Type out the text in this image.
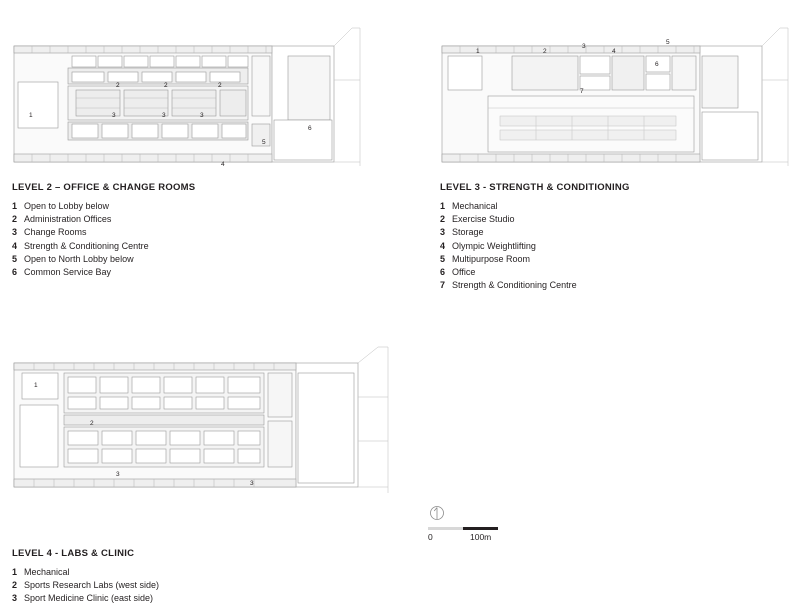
1
2	2	2
3	3	3
4
5
6
LEVEL 2 – OFFICE & CHANGE ROOMS
1 Open to Lobby below
2 Administration Offices
3 Change Rooms
4 Strength & Conditioning Centre
5 Open to North Lobby below
6 Common Service Bay
1	2
3
4
5
6
7
LEVEL 3 - STRENGTH & CONDITIONING
1 Mechanical
2 Exercise Studio
3 Storage
4 Olympic Weightlifting
5 Multipurpose Room
6 Office
7 Strength & Conditioning Centre
1
2
3
3
LEVEL 4 - LABS & CLINIC
1 Mechanical
2 Sports Research Labs (west side)
3 Sport Medicine Clinic (east side)
0	100m
